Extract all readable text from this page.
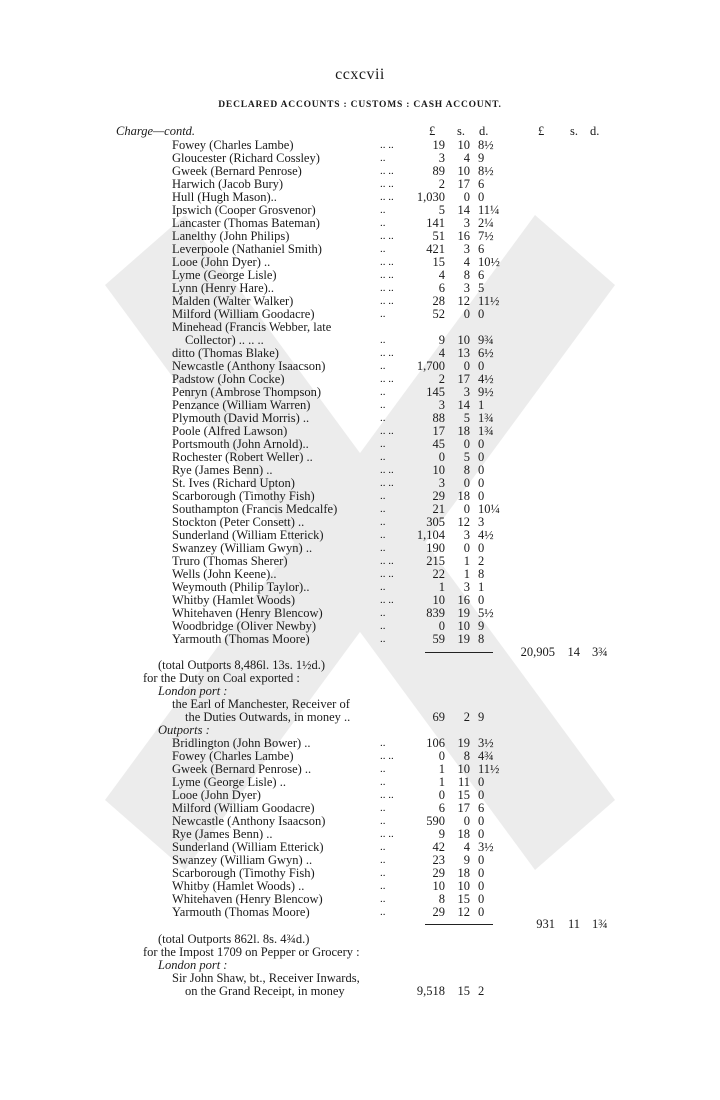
ccxcvii
DECLARED ACCOUNTS : CUSTOMS : CASH ACCOUNT.
Charge—contd.	£ s. d.	£ s. d.
Fowey (Charles Lambe)	.. ..	19 10 8½
Gloucester (Richard Cossley)	..	3 4 9
Gweek (Bernard Penrose)	.. ..	89 10 8½
Harwich (Jacob Bury)	.. ..	2 17 6
Hull (Hugh Mason)..	.. .. 1,030 0 0
Ipswich (Cooper Grosvenor)	..	5 14 11¼
Lancaster (Thomas Bateman)	..	141 3 2¼
Lanelthy (John Philips)	.. ..	51 16 7½
Leverpoole (Nathaniel Smith)	..	421 3 6
Looe (John Dyer) ..	.. ..	15 4 10½
Lyme (George Lisle)	.. ..	4 8 6
Lynn (Henry Hare)..	.. ..	6 3 5
Malden (Walter Walker)	.. ..	28 12 11½
Milford (William Goodacre)	..	52 0 0
Minehead (Francis Webber, late
Collector) .. .. ..	..	9 10 9¾
ditto (Thomas Blake)	.. ..	4 13 6½
Newcastle (Anthony Isaacson)	..	1,700 0 0
Padstow (John Cocke)	.. ..	2 17 4½
Penryn (Ambrose Thompson)	..	145 3 9½
Penzance (William Warren)	..	3 14 1
Plymouth (David Morris) ..	..	88 5 1¾
Poole (Alfred Lawson)	.. ..	17 18 1¾
Portsmouth (John Arnold)..	..	45 0 0
Rochester (Robert Weller) ..	..	0 5 0
Rye (James Benn) ..	.. ..	10 8 0
St. Ives (Richard Upton)	.. ..	3 0 0
Scarborough (Timothy Fish)	..	29 18 0
Southampton (Francis Medcalfe)	..	21 0 10¼
Stockton (Peter Consett) ..	..	305 12 3
Sunderland (William Etterick)	..	1,104 3 4½
Swanzey (William Gwyn) ..	..	190 0 0
Truro (Thomas Sherer)	.. ..	215 1 2
Wells (John Keene)..	.. ..	22 1 8
Weymouth (Philip Taylor)..	..	1 3 1
Whitby (Hamlet Woods)	.. ..	10 16 0
Whitehaven (Henry Blencow)	..	839 19 5½
Woodbridge (Oliver Newby)	..	0 10 9
Yarmouth (Thomas Moore)	..	59 19 8
20,905 14 3¾
(total Outports 8,486l. 13s. 1½d.)
for the Duty on Coal exported :
London port :
the Earl of Manchester, Receiver of
the Duties Outwards, in money ..	69 2 9
Outports :
Bridlington (John Bower) ..	..	106 19 3½
Fowey (Charles Lambe)	.. ..	0 8 4¾
Gweek (Bernard Penrose) ..	..	1 10 11½
Lyme (George Lisle) ..	..	1 11 0
Looe (John Dyer)	.. ..	0 15 0
Milford (William Goodacre)	..	6 17 6
Newcastle (Anthony Isaacson)	..	590 0 0
Rye (James Benn) ..	.. ..	9 18 0
Sunderland (William Etterick)	..	42 4 3½
Swanzey (William Gwyn) ..	..	23 9 0
Scarborough (Timothy Fish)	..	29 18 0
Whitby (Hamlet Woods) ..	..	10 10 0
Whitehaven (Henry Blencow)	..	8 15 0
Yarmouth (Thomas Moore)	..	29 12 0
931 11 1¾
(total Outports 862l. 8s. 4¾d.)
for the Impost 1709 on Pepper or Grocery :
London port :
Sir John Shaw, bt., Receiver Inwards,
on the Grand Receipt, in money	9,518 15 2
